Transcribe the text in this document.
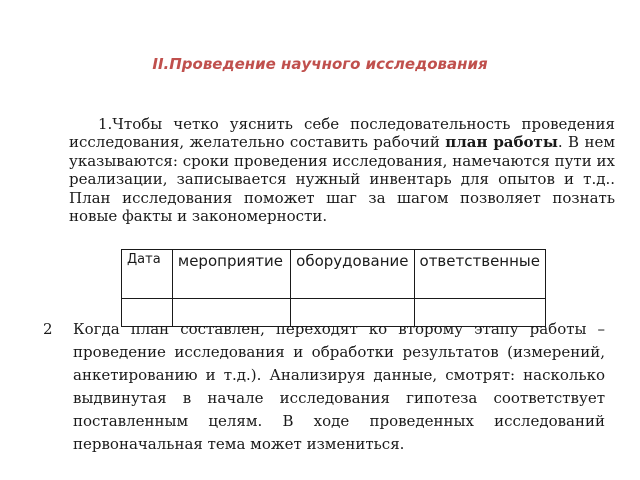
II.Проведение научного исследования

1.Чтобы четко уяснить себе последовательность проведения исследования, желательно составить рабочий план работы. В нем указываются: сроки проведения исследования, намечаются пути их реализации, записывается нужный инвентарь для опытов и т.д.. План исследования поможет шаг за шагом позволяет познать новые факты и закономерности.

Дата	мероприятие	оборудование	ответственные

2 Когда план составлен, переходят ко второму этапу работы – проведение исследования и обработки результатов (измерений, анкетированию и т.д.). Анализируя данные, смотрят: насколько выдвинутая в начале исследования гипотеза соответствует поставленным целям. В ходе проведенных исследований первоначальная тема может измениться.
